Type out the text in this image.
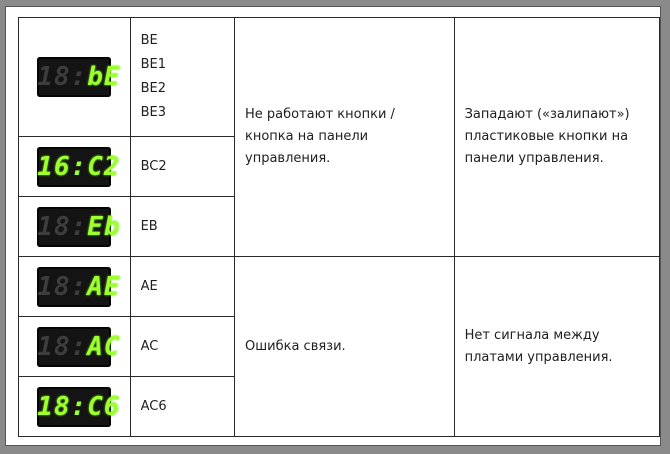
18:bE	BE
BE1
BE2
BE3	Не работают кнопки / кнопка на панели управления.	Западают («залипают») пластиковые кнопки на панели управления.
16:C2	BC2		
18:Eb	EB		
18:AE	AE	Ошибка связи.	Нет сигнала между платами управления.
18:AC	AC		
18:C6	AC6		
